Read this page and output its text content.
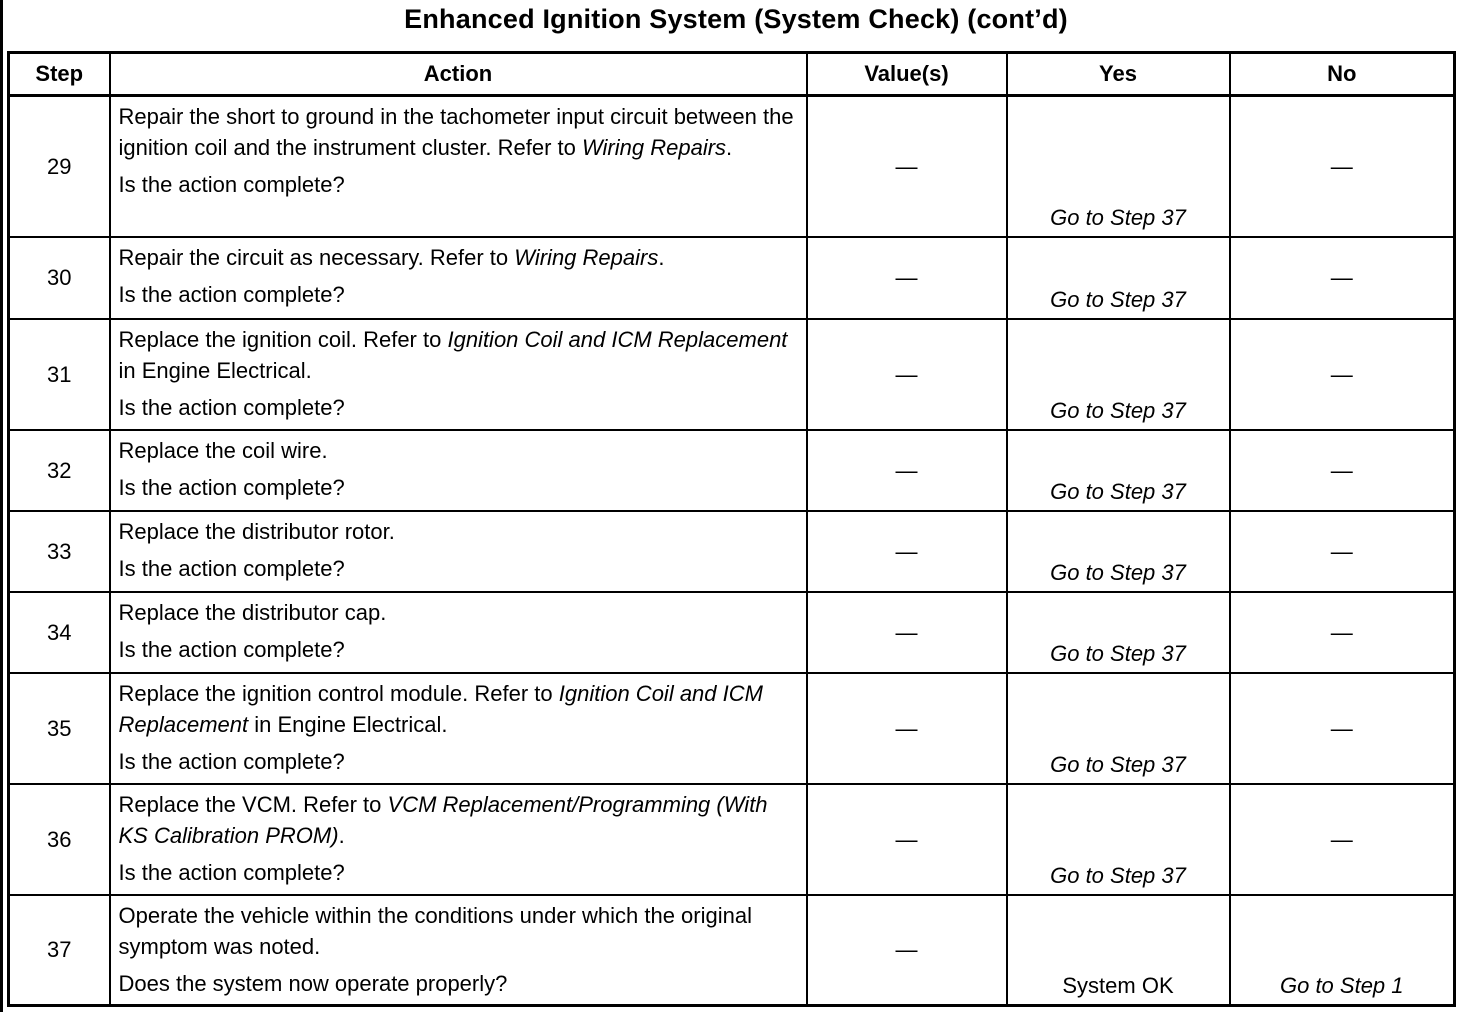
Enhanced Ignition System (System Check) (cont’d)
Step	Action	Value(s)	Yes	No
29	Repair the short to ground in the tachometer input circuit between the ignition coil and the instrument cluster. Refer to Wiring Repairs.
Is the action complete?	—	Go to Step 37	—
30	Repair the circuit as necessary. Refer to Wiring Repairs.
Is the action complete?	—	Go to Step 37	—
31	Replace the ignition coil. Refer to Ignition Coil and ICM Replacement in Engine Electrical.
Is the action complete?	—	Go to Step 37	—
32	Replace the coil wire.
Is the action complete?	—	Go to Step 37	—
33	Replace the distributor rotor.
Is the action complete?	—	Go to Step 37	—
34	Replace the distributor cap.
Is the action complete?	—	Go to Step 37	—
35	Replace the ignition control module. Refer to Ignition Coil and ICM Replacement in Engine Electrical.
Is the action complete?	—	Go to Step 37	—
36	Replace the VCM. Refer to VCM Replacement/Programming (With KS Calibration PROM).
Is the action complete?	—	Go to Step 37	—
37	Operate the vehicle within the conditions under which the original symptom was noted.
Does the system now operate properly?	—	System OK	Go to Step 1
